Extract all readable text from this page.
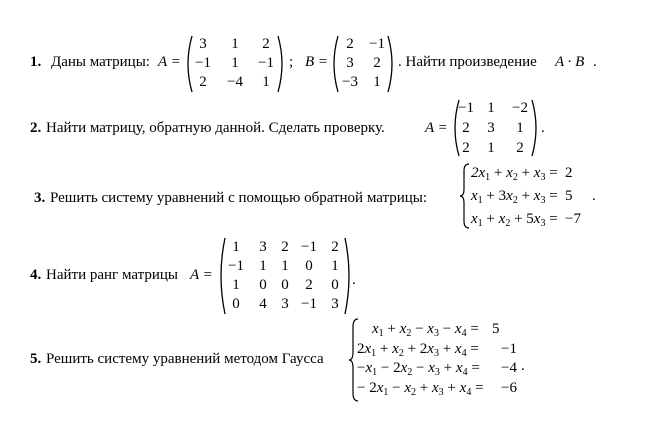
1. Даны матрицы: A =
3 1 2
−1 1 −1
2 −4 1
; B =
2 −1
3 2
−3 1
. Найти произведение A · B .
2. Найти матрицу, обратную данной. Сделать проверку.	A =
−1 1 −2
2 3 1
2 1 2
.
3. Решить систему уравнений с помощью обратной матрицы:
$2x_1 + x_2 + x_3 = 2$
$x_1 + 3x_2 + x_3 = 5$
$x_1 + x_2 + 5x_3 = -7$
.
4. Найти ранг матрицы A =
1 3 2 −1 2
−1 1 1 0 1
1 0 0 2 0
0 4 3 −1 3
.
5. Решить систему уравнений методом Гаусса
$x_1 + x_2 - x_3 - x_4 = 5$
$2x_1 + x_2 + 2x_3 + x_4 = -1$
$-x_1 - 2x_2 - x_3 + x_4 = -4$
− $2x_1 - x_2 + x_3 + x_4 = -6$
.
